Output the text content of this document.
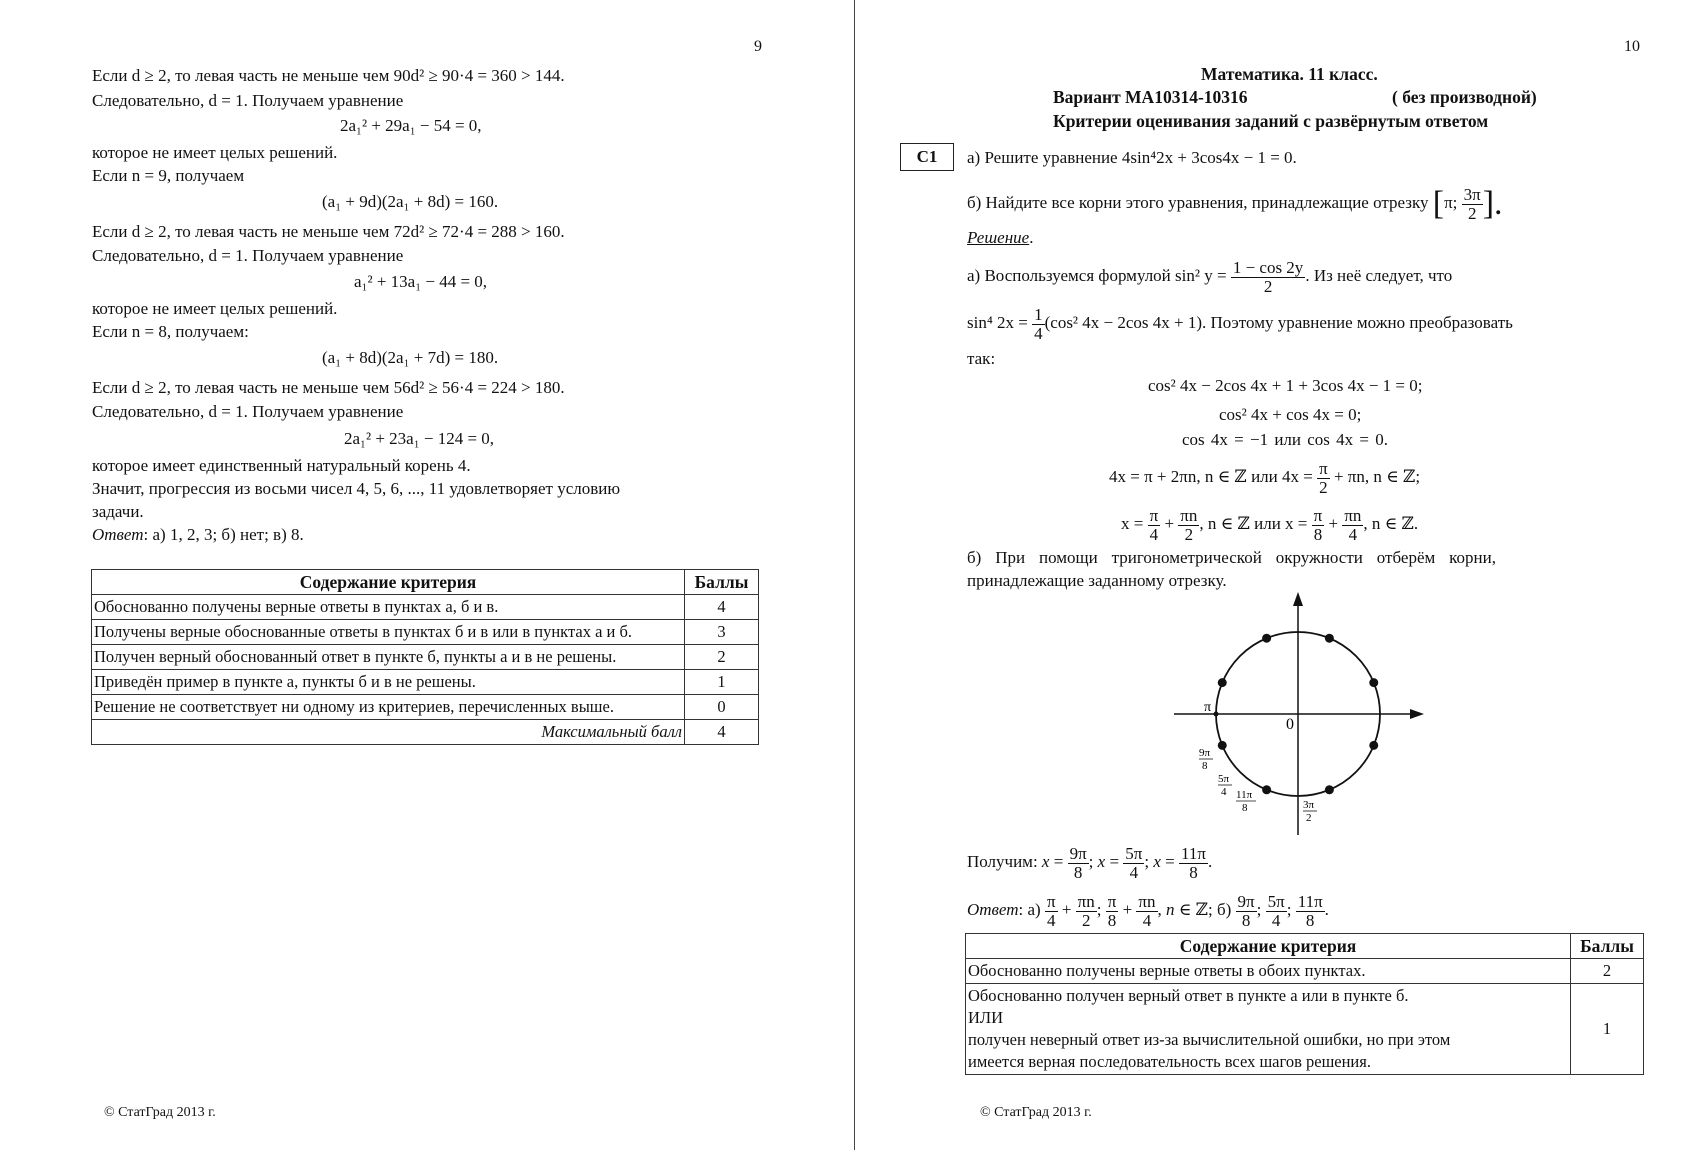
9
Если d ≥ 2, то левая часть не меньше чем 90d² ≥ 90·4 = 360 > 144.
Следовательно, d = 1. Получаем уравнение
2a₁² + 29a₁ − 54 = 0,
которое не имеет целых решений.
Если n = 9, получаем
(a₁ + 9d)(2a₁ + 8d) = 160.
Если d ≥ 2, то левая часть не меньше чем 72d² ≥ 72·4 = 288 > 160.
Следовательно, d = 1. Получаем уравнение
a₁² + 13a₁ − 44 = 0,
которое не имеет целых решений.
Если n = 8, получаем:
(a₁ + 8d)(2a₁ + 7d) = 180.
Если d ≥ 2, то левая часть не меньше чем 56d² ≥ 56·4 = 224 > 180.
Следовательно, d = 1. Получаем уравнение
2a₁² + 23a₁ − 124 = 0,
которое имеет единственный натуральный корень 4.
Значит, прогрессия из восьми чисел 4, 5, 6, ..., 11 удовлетворяет условию
задачи.
Ответ: а) 1, 2, 3; б) нет; в) 8.
Содержание критерия	Баллы
Обоснованно получены верные ответы в пунктах а, б и в.	4
Получены верные обоснованные ответы в пунктах б и в или в пунктах а и б.	3
Получен верный обоснованный ответ в пункте б, пункты а и в не решены.	2
Приведён пример в пункте а, пункты б и в не решены.	1
Решение не соответствует ни одному из критериев, перечисленных выше.	0
Максимальный балл	4
© СтатГрад 2013 г.
10
Математика. 11 класс.
Вариант МА10314-10316	( без производной)
Критерии оценивания заданий с развёрнутым ответом
С1	а) Решите уравнение 4sin⁴2x + 3cos4x − 1 = 0.
б) Найдите все корни этого уравнения, принадлежащие отрезку [π; $\frac{3\pi}{2}$ ].
Решение.
а) Воспользуемся формулой sin² $y = \frac{1 - \cos 2y}{2}$ . Из неё следует, что
sin⁴ $2x = \frac{1}{4} (\cos^2$ 4x − 2cos 4x + 1). Поэтому уравнение можно преобразовать
так:
cos² 4x − 2cos 4x + 1 + 3cos 4x − 1 = 0;
cos² 4x + cos 4x = 0;
cos 4x = −1 или cos 4x = 0.
4x = π + 2πn, n ∈ ℤ или $4x = \frac{\pi}{2} + \pi n$, n ∈ ℤ;
$x = \frac{\pi}{4} + \frac{\pi n}{2}$ , n ∈ ℤ или $x = \frac{\pi}{8} + \frac{\pi n}{4}$ , n ∈ ℤ.
б) При помощи тригонометрической окружности отберём корни,
принадлежащие заданному отрезку.
π
0
9π
8
5π
4 11π
8	3π
2
Получим: $x = \frac{9\pi}{8}$ ; $x = \frac{5\pi}{4}$ ; $x = \frac{11\pi}{8}$ .
Ответ: $а) \frac{\pi}{4} + \frac{\pi n}{2}$ ; $\frac{\pi}{8} + \frac{\pi n}{4}$ , n ∈ ℤ; $б) \frac{9\pi}{8}$ ; $\frac{5\pi}{4}$ ; $\frac{11\pi}{8}$ .
Содержание критерия	Баллы
Обоснованно получены верные ответы в обоих пунктах.	2

Обоснованно получен верный ответ в пункте а или в пункте б.
ИЛИ
получен неверный ответ из-за вычислительной ошибки, но при этом
имеется верная последовательность всех шагов решения.	1
© СтатГрад 2013 г.
